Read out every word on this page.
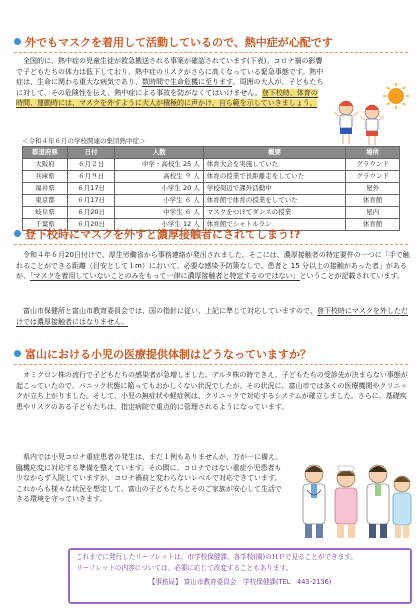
外でもマスクを着用して活動しているので、熱中症が心配です
全国的に、熱中症の児童生徒が救急搬送される事案が確認されています(下表)。コロナ禍の影響で子どもたちの体力は低下しており、熱中症のリスクがさらに高くなっている緊急事態です。熱中症は、生命に関わる重大な病気であり、数時間で生命危機に至ります。周囲の大人が、子どもたちに対して、その危険性を伝え、熱中症による事故を防がなくてはいけません。登下校時、体育の時間、運動時には、マスクを外すように大人が積極的に声かけ、自ら範を示していきましょう。
＜令和４年６月の学校関連の集団熱中症＞
都道府県	日付	人数	概要	場所
大阪府	６月２日	中学・高校生 25 人	体育大会を実施していた	グラウンド
兵庫県	６月９日	高校生 ９ 人	体育の授業で長距離走をしていた	グラウンド
福井県	６月17日	小学生 20 人	学校周辺で課外活動中	屋外
東京都	６月17日	小学生 ６ 人	体育館で体育の授業をしていた	体育館
岐阜県	６月20日	中学生 ６ 人	マスクをつけてダンスの授業	屋内
千葉県	６月20日	小学生 12 人	体育館でシャトルラン	体育館
登下校時にマスクを外すと濃厚接触者にされてしまう!?
令和４年６月20日付けで、厚生労働省から事務連絡が発出されました。そこには、濃厚接触者の特定要件の一つに「手で触れることができる距離（目安として１m）において、必要な感染予防策なしで、患者と 15 分以上の接触があった者」があるが、「マスクを着用していないことのみをもって一律に濃厚接触者と特定するのではない」ということが記載されています。
富山市保健所と富山市教育委員会では、国の指針に従い、上記に準じて対応していますので、登下校時にマスクを外しただけでは濃厚接触者にはなりません。
富山における小児の医療提供体制はどうなっていますか？
オミクロン株の流行で子どもたちの感染者が急増しました。デルタ株の時できえ、子どもたちの受診先が決まらない事態が起こっていたので、パニック状態に陥ってもおかしくない状況でしたが、その状況に、富山市では多くの医療機関やクリニックが立ち上がりました。そして、小児の無症状や軽症例は、クリニックで対応するシステムが確立しました。さらに、基礎疾患やリスクのある子どもたちは、指定病院で重点的に管理されるようになっています。
県内では小児コロナ重症患者の発生は、まだ１例もありませんが、万が一に備え、臨機応変に対応する準備を整えています。その間に、コロナではない重症小児患者も少なからず入院していますが、コロナ禍前と変わらないレベルで対応できています。これからも様々な状況を想定して、富山の子どもたちとそのご家族が安心して生活できる環境を守っていきます。
これまでに発行したリーフレットは、市学校保健課、各学校(園)のＨＰで見ることができます。
リーフレットの内容については、必要に応じて改変することもあります。
【事務局】 富山市教育委員会　学校保健課(TEL　443-2136)
